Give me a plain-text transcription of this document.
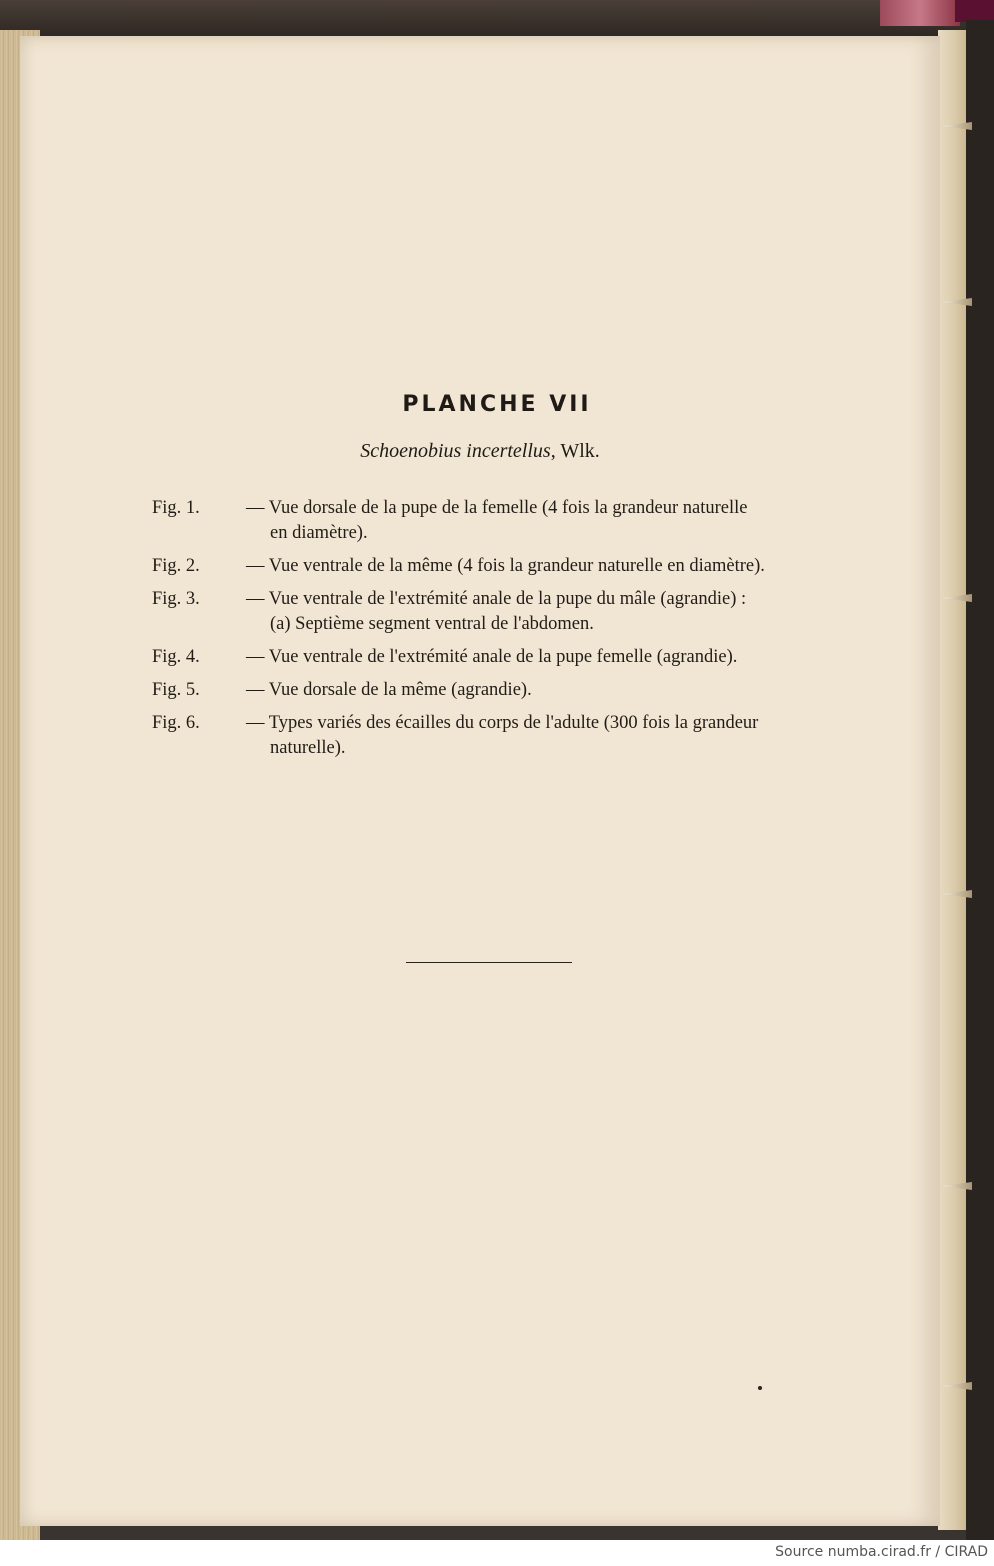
PLANCHE VII
Schoenobius incertellus, Wlk.
Fig. 1.	— Vue dorsale de la pupe de la femelle (4 fois la grandeur naturelle
en diamètre).
Fig. 2.	— Vue ventrale de la même (4 fois la grandeur naturelle en diamètre).
Fig. 3.	— Vue ventrale de l'extrémité anale de la pupe du mâle (agrandie) :
(a) Septième segment ventral de l'abdomen.
Fig. 4.	— Vue ventrale de l'extrémité anale de la pupe femelle (agrandie).
Fig. 5.	— Vue dorsale de la même (agrandie).
Fig. 6.	— Types variés des écailles du corps de l'adulte (300 fois la grandeur
naturelle).
Source numba.cirad.fr / CIRAD
